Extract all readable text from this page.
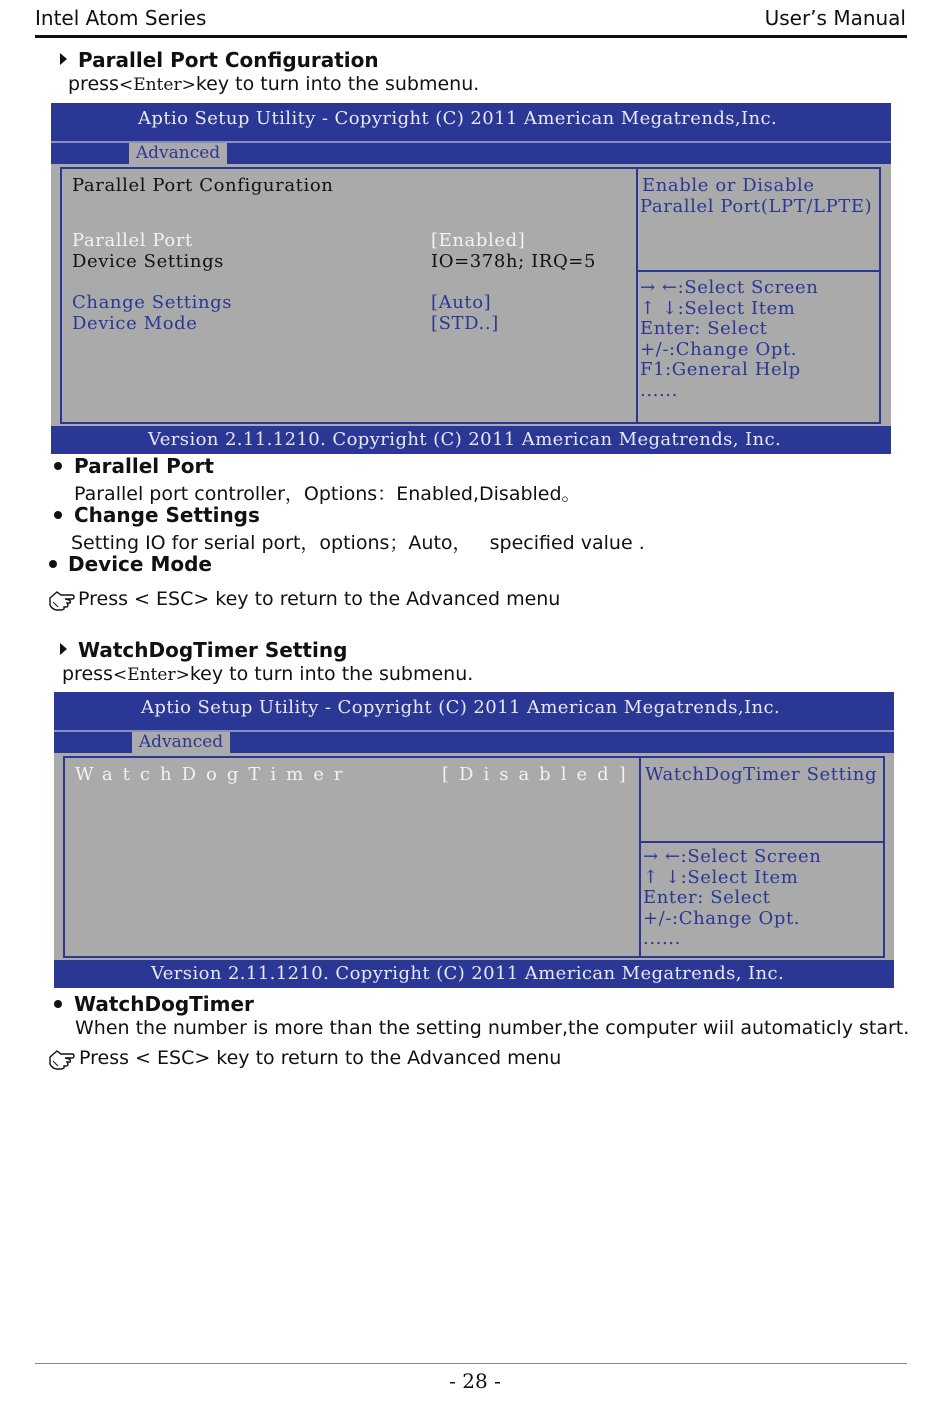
Intel Atom Series	User’s Manual
Parallel Port Configuration
press<Enter>key to turn into the submenu.
Aptio Setup Utility - Copyright (C) 2011 American Megatrends,Inc.
Advanced
Parallel Port Configuration
Parallel Port	[Enabled]
Device Settings	IO=378h; IRQ=5
Change Settings	[Auto]
Device Mode	[STD..]
Enable or Disable
Parallel Port(LPT/LPTE)
→ ←:Select Screen
↑ ↓:Select Item
Enter: Select
+/-:Change Opt.
F1:General Help
......
Version 2.11.1210. Copyright (C) 2011 American Megatrends, Inc.
Parallel Port
Parallel port controller，Options：Enabled,Disabled。
Change Settings
Setting IO for serial port，options；Auto，   specified value .
Device Mode
Press < ESC> key to return to the Advanced menu
WatchDogTimer Setting
press<Enter>key to turn into the submenu.
Aptio Setup Utility - Copyright (C) 2011 American Megatrends,Inc.
Advanced
WatchDogTimer	[Disabled] WatchDogTimer Setting
→ ←:Select Screen
↑ ↓:Select Item
Enter: Select
+/-:Change Opt.
......
Version 2.11.1210. Copyright (C) 2011 American Megatrends, Inc.
WatchDogTimer
When the number is more than the setting number,the computer wiil automaticly start.
Press < ESC> key to return to the Advanced menu
- 28 -
